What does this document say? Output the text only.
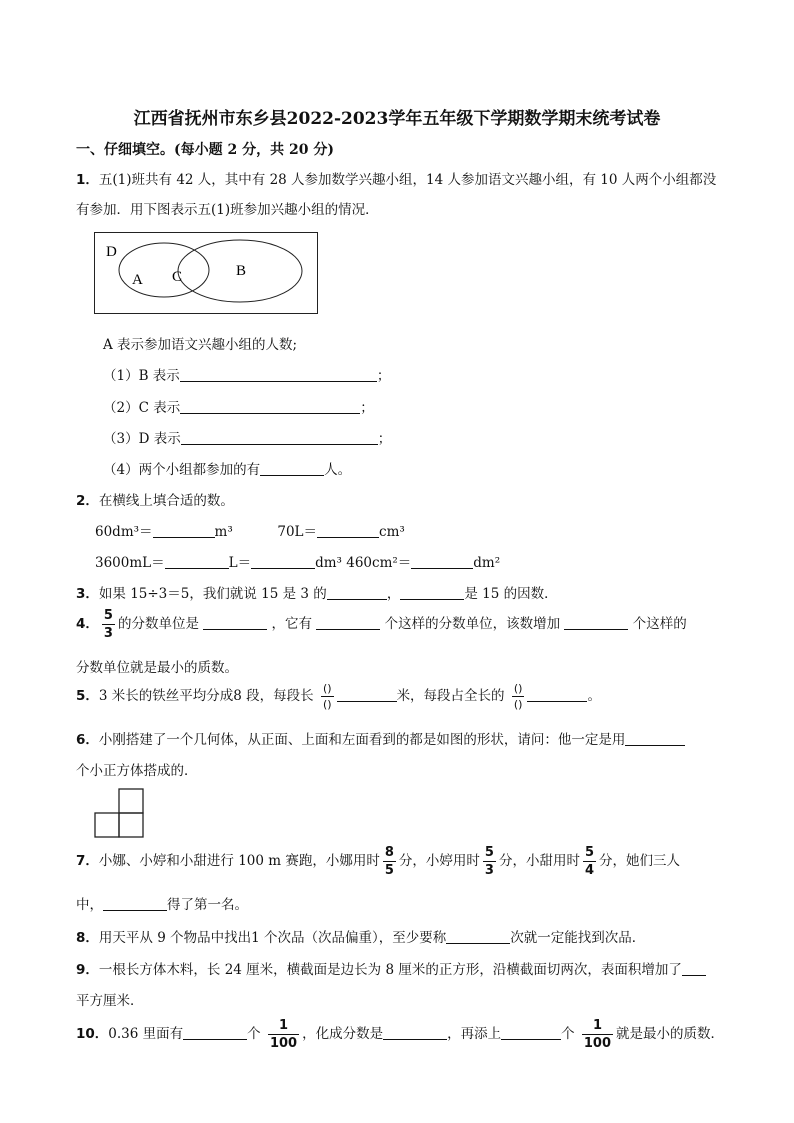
江西省抚州市东乡县2022-2023学年五年级下学期数学期末统考试卷
一、仔细填空。(每小题 2 分，共 20 分)
1．五(1)班共有 42 人，其中有 28 人参加数学兴趣小组，14 人参加语文兴趣小组，有 10 人两个小组都没
有参加．用下图表示五(1)班参加兴趣小组的情况．
D
A C	B
A 表示参加语文兴趣小组的人数;
（1）B 表示	；
（2）C 表示	；
（3）D 表示	；
（4）两个小组都参加的有	人。
2．在横线上填合适的数。
60dm³＝	m³	70L＝	cm³
3600mL＝	L＝	dm³ 460cm²＝	dm²
3．如果 15÷3＝5，我们就说 15 是 3 的	，	是 15 的因数．
4． $\frac{5}{3}$ 的分数单位是	，它有	个这样的分数单位，该数增加	个这样的
分数单位就是最小的质数。
5．3 米长的铁丝平均分成8 段，每段长 $\frac{()}{()}$	米，每段占全长的 $\frac{()}{()}$	。
6．小刚搭建了一个几何体，从正面、上面和左面看到的都是如图的形状，请问：他一定是用
个小正方体搭成的．
7．小娜、小婷和小甜进行 100 m 赛跑，小娜用时 $\frac{8}{5}$ 分，小婷用时 $\frac{5}{3}$ 分，小甜用时 $\frac{5}{4}$ 分，她们三人
中，	得了第一名。
8．用天平从 9 个物品中找出1 个次品（次品偏重），至少要称	次就一定能找到次品．
9．一根长方体木料，长 24 厘米，横截面是边长为 8 厘米的正方形，沿横截面切两次，表面积增加了
平方厘米．
10．0.36 里面有	个 $\frac{1}{100}$ ，化成分数是	，再添上	个 $\frac{1}{100}$ 就是最小的质数．
